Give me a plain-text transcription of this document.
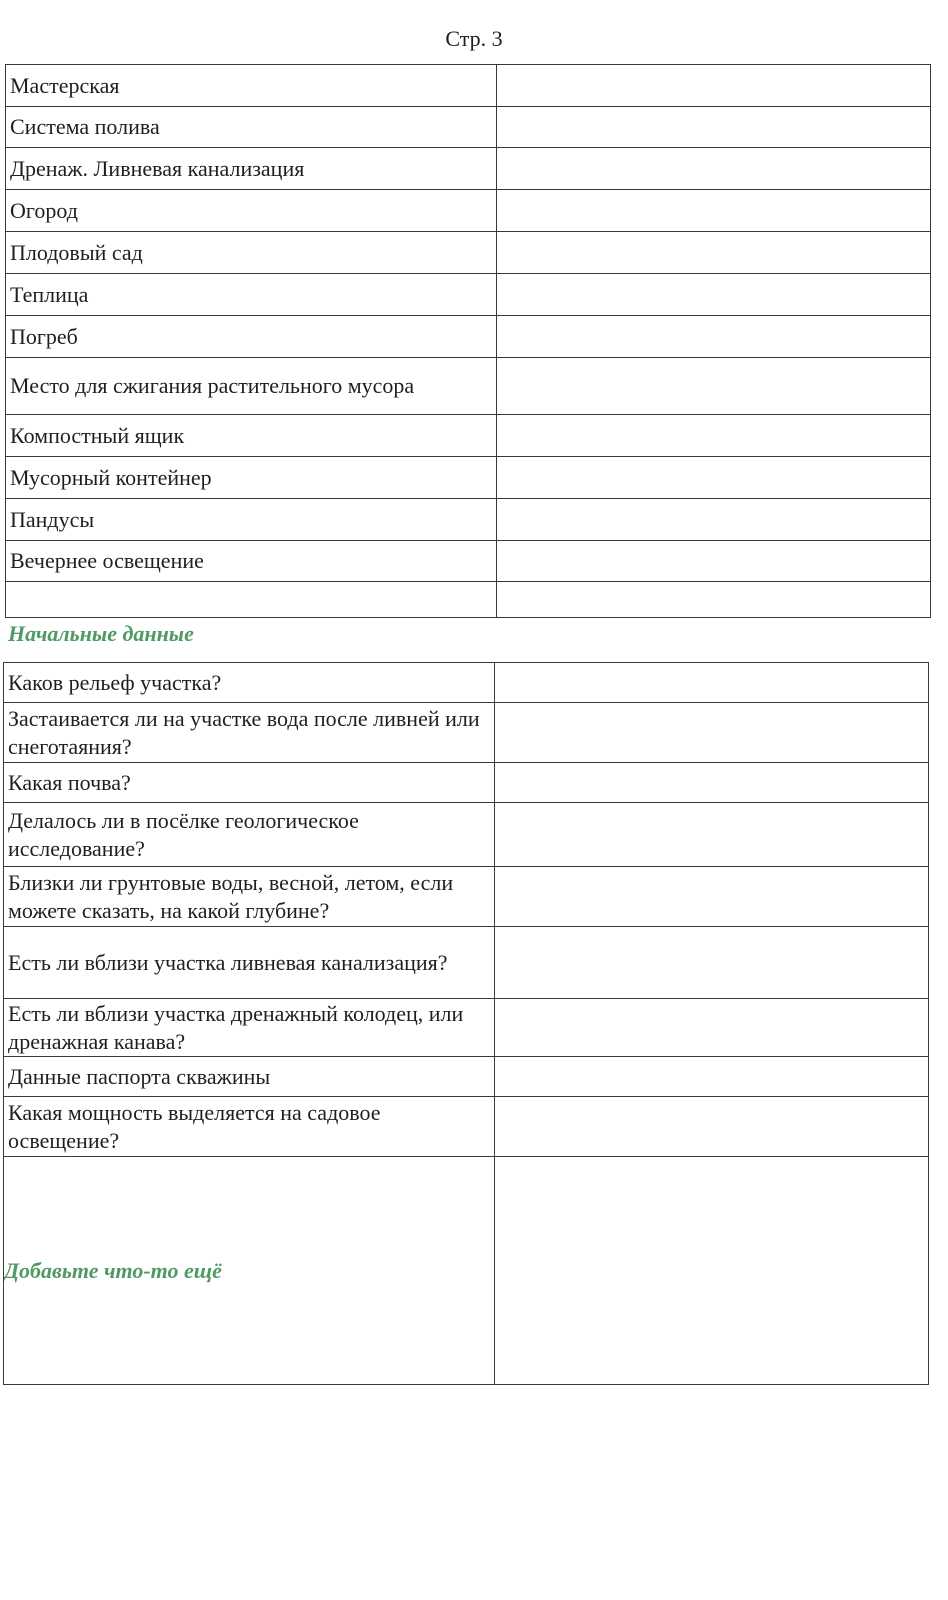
Стр. 3
Мастерская	
Система полива	
Дренаж. Ливневая канализация	
Огород	
Плодовый сад	
Теплица	
Погреб	
Место для сжигания растительного мусора	
Компостный ящик	
Мусорный контейнер	
Пандусы	
Вечернее освещение	

Начальные данные
Каков рельеф участка?	
Застаивается ли на участке вода после ливней или снеготаяния?	
Какая почва?	
Делалось ли в посёлке геологическое исследование?	
Близки ли грунтовые воды, весной, летом, если можете сказать, на какой глубине?	
Есть ли вблизи участка ливневая канализация?	
Есть ли вблизи участка дренажный колодец, или дренажная канава?	
Данные паспорта скважины	
Какая мощность выделяется на садовое освещение?	

Добавьте что-то ещё	
